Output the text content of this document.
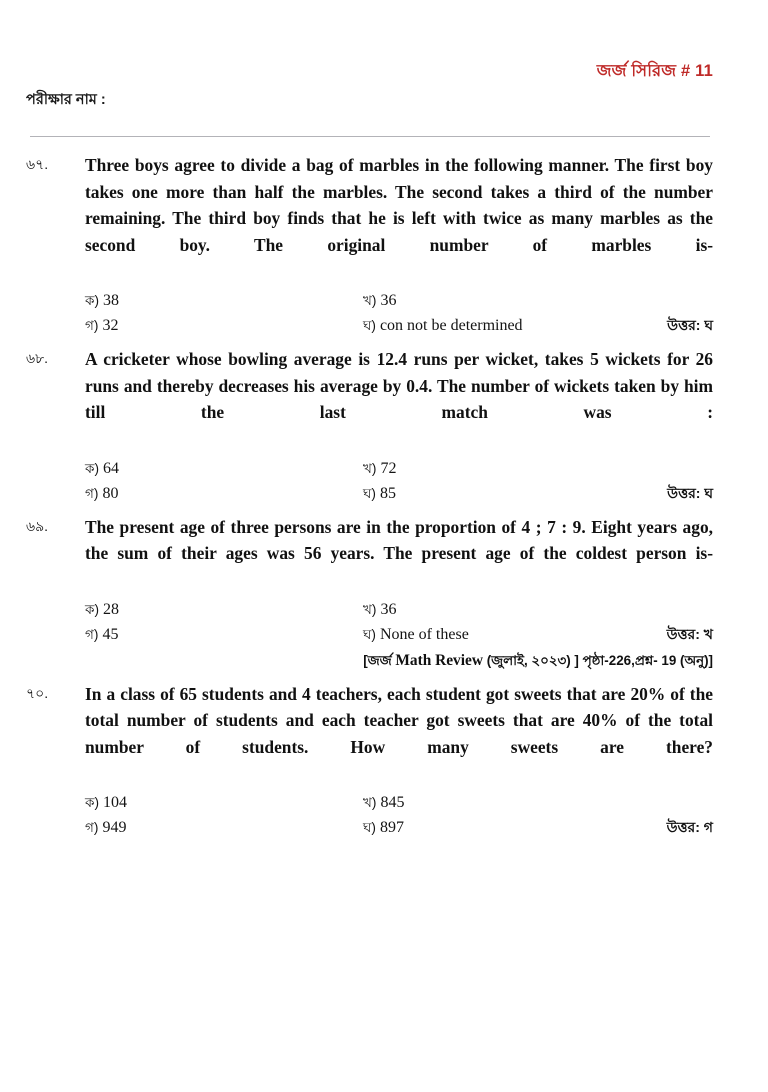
জর্জ সিরিজ # 11
পরীক্ষার নাম :
৬৭.	Three boys agree to divide a bag of marbles in the following manner. The first boy takes one more than half the marbles. The second takes a third of the number remaining. The third boy finds that he is left with twice as many marbles as the second boy. The original number of marbles is-
ক) 38	খ) 36
গ) 32	ঘ) con not be determined	উত্তর: ঘ
৬৮.	A cricketer whose bowling average is 12.4 runs per wicket, takes 5 wickets for 26 runs and thereby decreases his average by 0.4. The number of wickets taken by him till the last match was :
ক) 64	খ) 72
গ) 80	ঘ) 85	উত্তর: ঘ
৬৯.	The present age of three persons are in the proportion of 4 ; 7 : 9. Eight years ago, the sum of their ages was 56 years. The present age of the coldest person is-
ক) 28	খ) 36
গ) 45	ঘ) None of these	উত্তর: খ
[জর্জ Math Review (জুলাই, ২০২৩) ] পৃষ্ঠা-226,প্রশ্ন- 19 (অনু)]
৭০.	In a class of 65 students and 4 teachers, each student got sweets that are 20% of the total number of students and each teacher got sweets that are 40% of the total number of students. How many sweets are there?
ক) 104	খ) 845
গ) 949	ঘ) 897	উত্তর: গ
